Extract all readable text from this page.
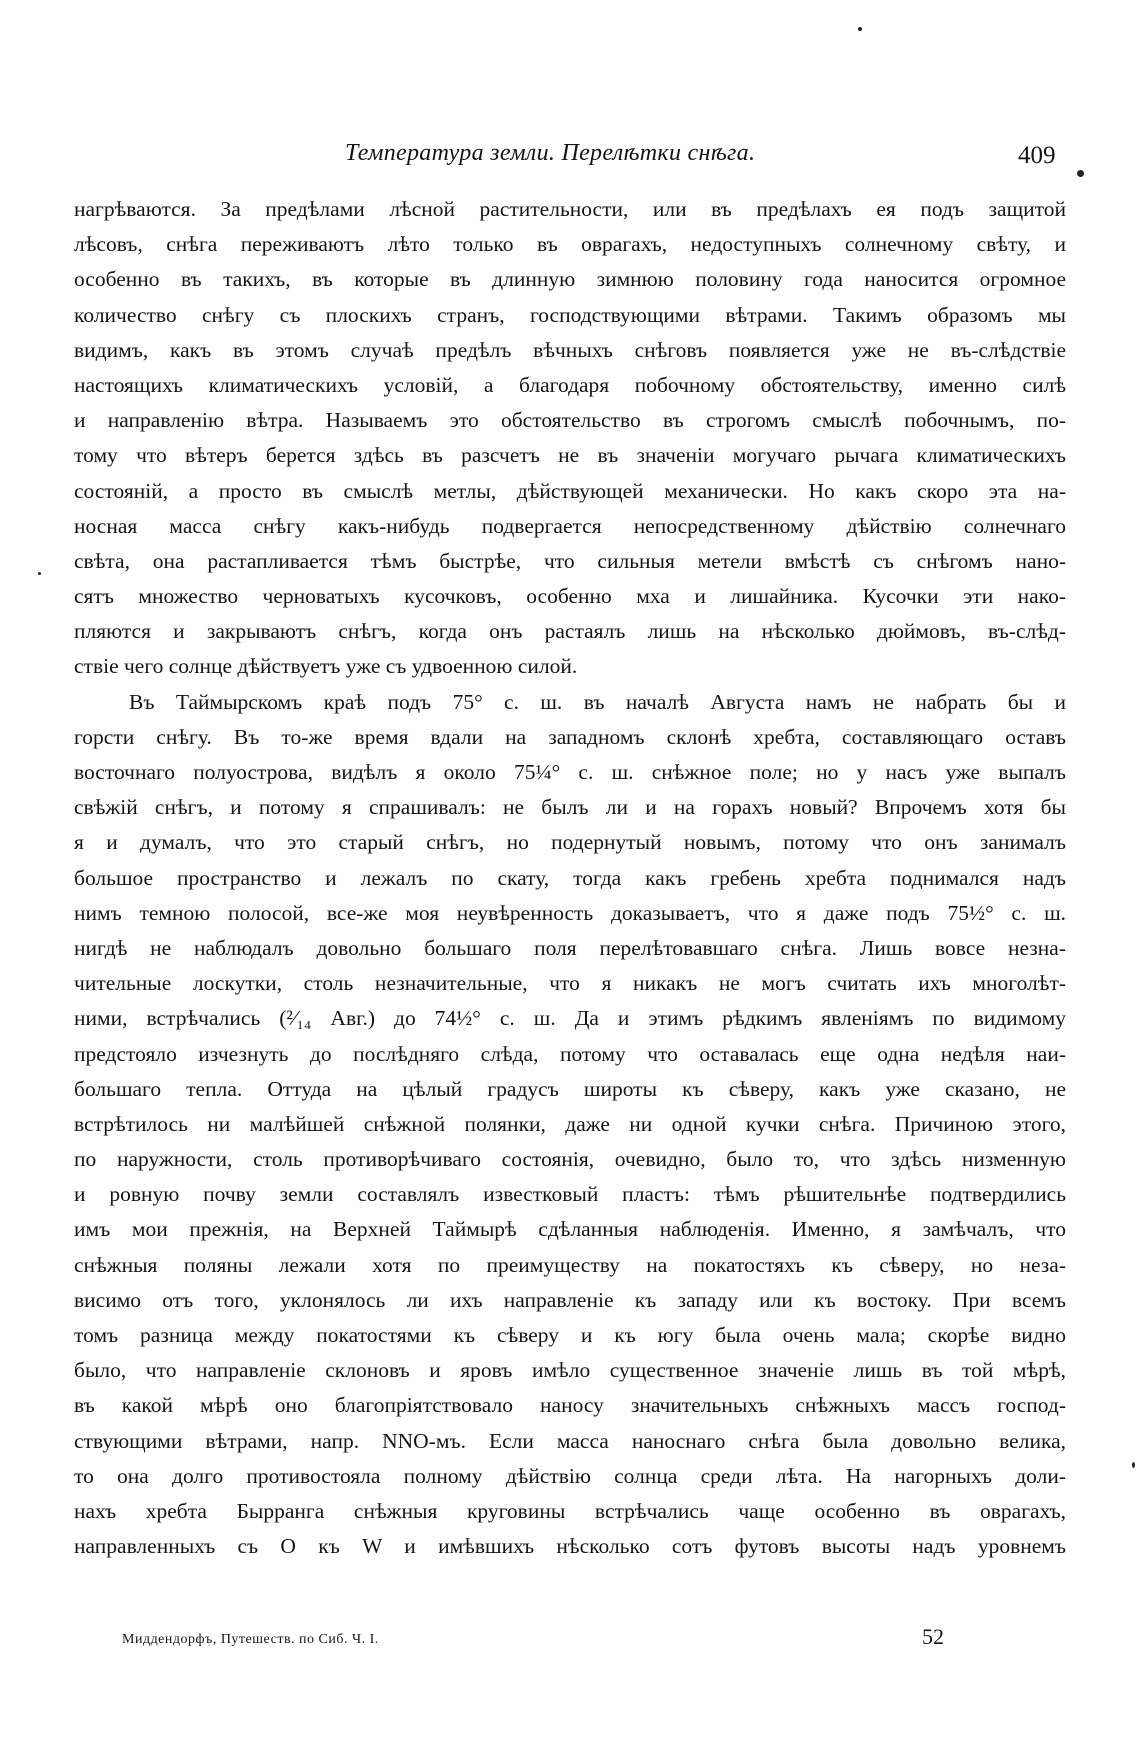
Температура земли. Перелѣтки снѣга.	409
нагрѣваются. За предѣлами лѣсной растительности, или въ предѣлахъ ея подъ защитой
лѣсовъ, снѣга переживаютъ лѣто только въ оврагахъ, недоступныхъ солнечному свѣту, и
особенно въ такихъ, въ которые въ длинную зимнюю половину года наносится огромное
количество снѣгу съ плоскихъ странъ, господствующими вѣтрами. Такимъ образомъ мы
видимъ, какъ въ этомъ случаѣ предѣлъ вѣчныхъ снѣговъ появляется уже не въ-слѣдствіе
настоящихъ климатическихъ условій, а благодаря побочному обстоятельству, именно силѣ
и направленію вѣтра. Называемъ это обстоятельство въ строгомъ смыслѣ побочнымъ, по-
тому что вѣтеръ берется здѣсь въ разсчетъ не въ значеніи могучаго рычага климатическихъ
состояній, а просто въ смыслѣ метлы, дѣйствующей механически. Но какъ скоро эта на-
носная масса снѣгу какъ-нибудь подвергается непосредственному дѣйствію солнечнаго
свѣта, она растапливается тѣмъ быстрѣе, что сильныя метели вмѣстѣ съ снѣгомъ нано-
сятъ множество черноватыхъ кусочковъ, особенно мха и лишайника. Кусочки эти нако-
пляются и закрываютъ снѣгъ, когда онъ растаялъ лишь на нѣсколько дюймовъ, въ-слѣд-
ствіе чего солнце дѣйствуетъ уже съ удвоенною силой.
Въ Таймырскомъ краѣ подъ 75° с. ш. въ началѣ Августа намъ не набрать бы и
горсти снѣгу. Въ то-же время вдали на западномъ склонѣ хребта, составляющаго оставъ
восточнаго полуострова, видѣлъ я около 75¼° с. ш. снѣжное поле; но у насъ уже выпалъ
свѣжій снѣгъ, и потому я спрашивалъ: не былъ ли и на горахъ новый? Впрочемъ хотя бы
я и думалъ, что это старый снѣгъ, но подернутый новымъ, потому что онъ занималъ
большое пространство и лежалъ по скату, тогда какъ гребень хребта поднимался надъ
нимъ темною полосой, все-же моя неувѣренность доказываетъ, что я даже подъ 75½° с. ш.
нигдѣ не наблюдалъ довольно большаго поля перелѣтовавшаго снѣга. Лишь вовсе незна-
чительные лоскутки, столь незначительные, что я никакъ не могъ считать ихъ многолѣт-
ними, встрѣчались (²⁄₁₄ Авг.) до 74½° с. ш. Да и этимъ рѣдкимъ явленіямъ по видимому
предстояло изчезнуть до послѣдняго слѣда, потому что оставалась еще одна недѣля наи-
большаго тепла. Оттуда на цѣлый градусъ широты къ сѣверу, какъ уже сказано, не
встрѣтилось ни малѣйшей снѣжной полянки, даже ни одной кучки снѣга. Причиною этого,
по наружности, столь противорѣчиваго состоянія, очевидно, было то, что здѣсь низменную
и ровную почву земли составлялъ известковый пластъ: тѣмъ рѣшительнѣе подтвердились
имъ мои прежнія, на Верхней Таймырѣ сдѣланныя наблюденія. Именно, я замѣчалъ, что
снѣжныя поляны лежали хотя по преимуществу на покатостяхъ къ сѣверу, но неза-
висимо отъ того, уклонялось ли ихъ направленіе къ западу или къ востоку. При всемъ
томъ разница между покатостями къ сѣверу и къ югу была очень мала; скорѣе видно
было, что направленіе склоновъ и яровъ имѣло существенное значеніе лишь въ той мѣрѣ,
въ какой мѣрѣ оно благопріятствовало наносу значительныхъ снѣжныхъ массъ господ-
ствующими вѣтрами, напр. NNO-мъ. Если масса наноснаго снѣга была довольно велика,
то она долго противостояла полному дѣйствію солнца среди лѣта. На нагорныхъ доли-
нахъ хребта Бырранга снѣжныя круговины встрѣчались чаще особенно въ оврагахъ,
направленныхъ съ O къ W и имѣвшихъ нѣсколько сотъ футовъ высоты надъ уровнемъ
Миддендорфъ, Путешеств. по Сиб. Ч. I.	52
